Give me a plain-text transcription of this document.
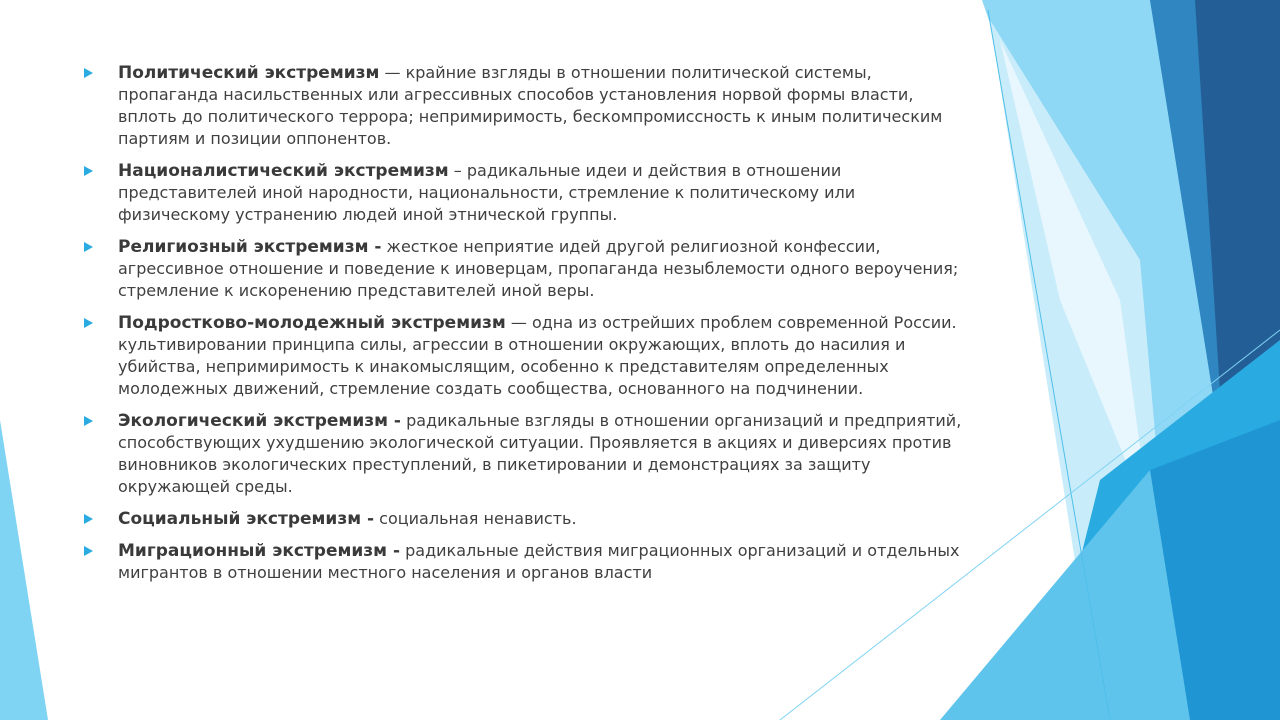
Политический экстремизм — крайние взгляды в отношении политической системы, пропаганда насильственных или агрессивных способов установления норвой формы власти, вплоть до политического террора; непримиримость, бескомпромиссность к иным политическим партиям и позиции оппонентов.
Националистический экстремизм – радикальные идеи и действия в отношении представителей иной народности, национальности, стремление к политическому или физическому устранению людей иной этнической группы.
Религиозный экстремизм - жесткое неприятие идей другой религиозной конфессии, агрессивное отношение и поведение к иноверцам, пропаганда незыблемости одного вероучения; стремление к искоренению представителей иной веры.
Подростково-молодежный экстремизм — одна из острейших проблем современной России. культивировании принципа силы, агрессии в отношении окружающих, вплоть до насилия и убийства, непримиримость к инакомыслящим, особенно к представителям определенных молодежных движений, стремление создать сообщества, основанного на подчинении.
Экологический экстремизм - радикальные взгляды в отношении организаций и предприятий, способствующих ухудшению экологической ситуации. Проявляется в акциях и диверсиях против виновников экологических преступлений, в пикетировании и демонстрациях за защиту окружающей среды.
Социальный экстремизм - социальная ненависть.
Миграционный экстремизм - радикальные действия миграционных организаций и отдельных мигрантов в отношении местного населения и органов власти
